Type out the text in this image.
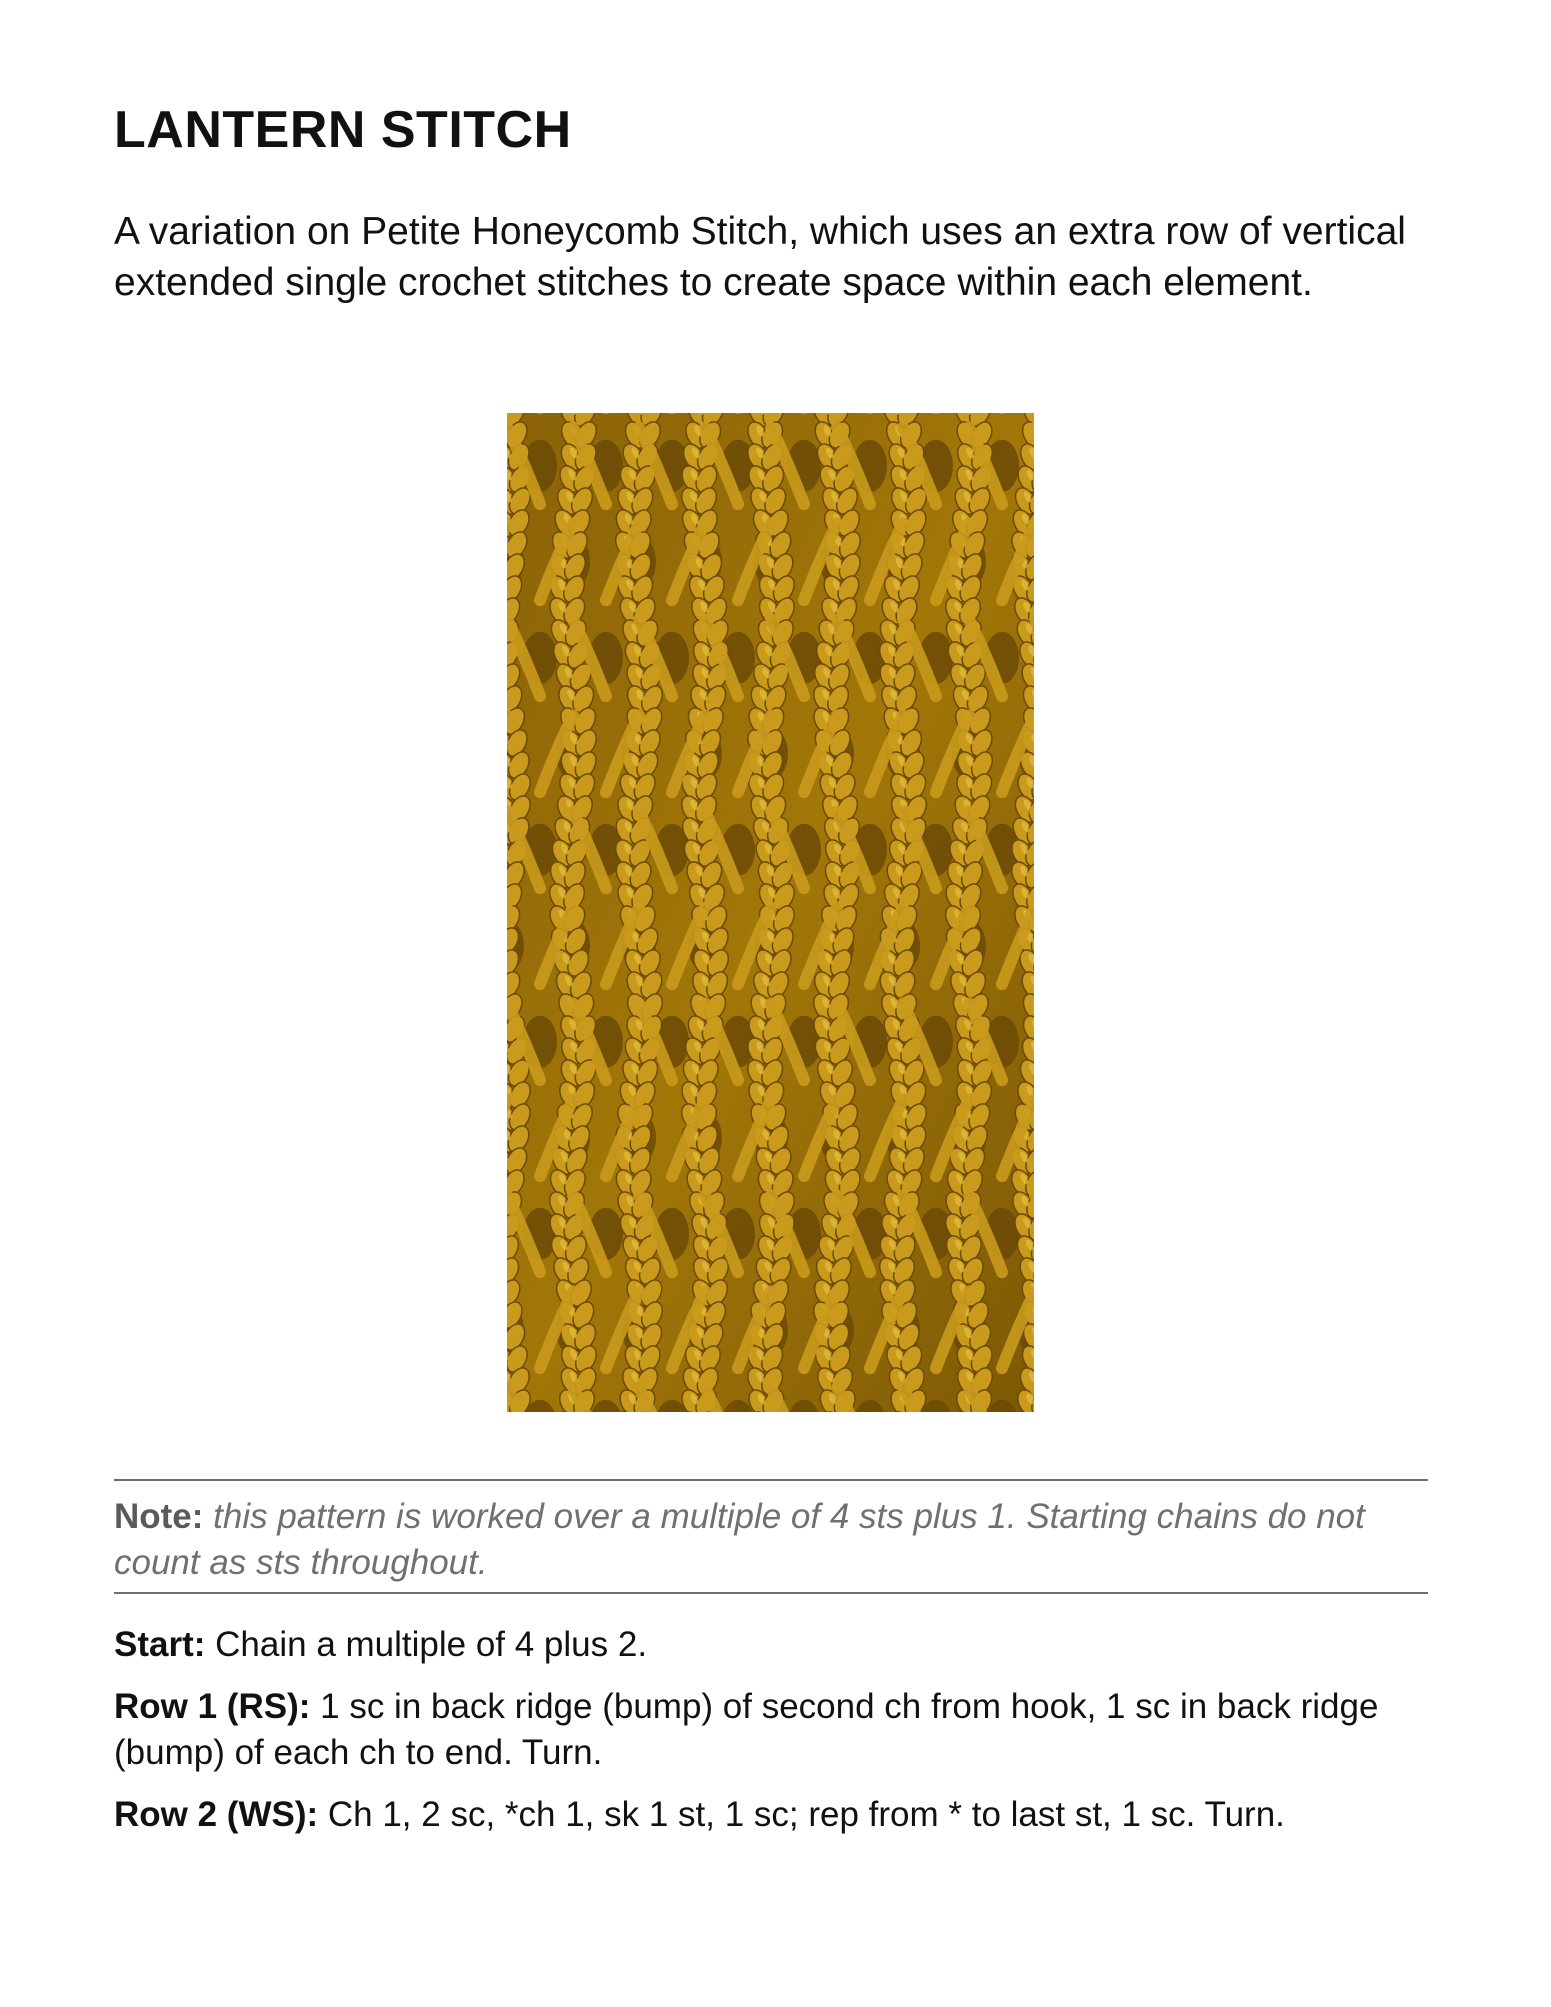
LANTERN STITCH

A variation on Petite Honeycomb Stitch, which uses an extra row of vertical extended single crochet stitches to create space within each element.

Note: this pattern is worked over a multiple of 4 sts plus 1. Starting chains do not count as sts throughout.

Start: Chain a multiple of 4 plus 2.

Row 1 (RS): 1 sc in back ridge (bump) of second ch from hook, 1 sc in back ridge (bump) of each ch to end. Turn.

Row 2 (WS): Ch 1, 2 sc, *ch 1, sk 1 st, 1 sc; rep from * to last st, 1 sc. Turn.
